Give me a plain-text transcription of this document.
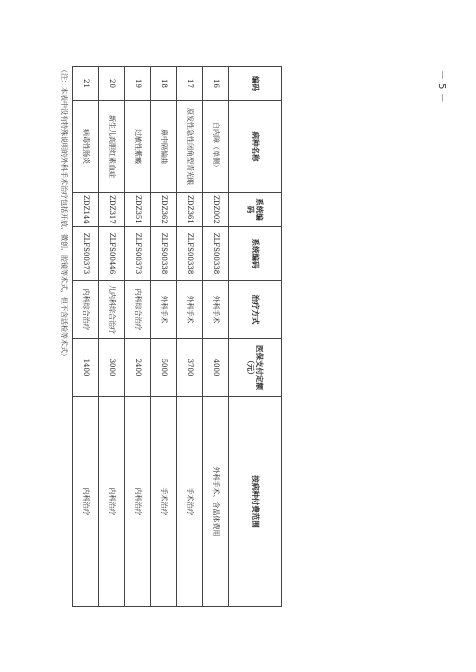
－ 5 －
编码	病种名称	系统编码	系统编码	治疗方式	医保支付定额（元）	按病种付费范围
16	白内障（单侧）	ZDZ002	ZLFS00338	外科手术	4000	外科手术、含晶体费用
17	原发性急性闭角型青光眼	ZDZ361	ZLFS00338	外科手术	3700	手术治疗
18	鼻中隔偏曲	ZDZ362	ZLFS00338	外科手术	5000	手术治疗
19	过敏性紫癜	ZDZ351	ZLFS00373	内科综合治疗	2400	内科治疗
20	新生儿高胆红素血症	ZDZ317	ZLFS00446	儿内科综合治疗	3000	内科治疗
21	病毒性肠炎	ZDZ144	ZLFS00373	内科综合治疗	1400	内科治疗
（注：本表中没有特殊说明的外科手术治疗包括开放、微创、腔镜等术式，但不含活检等术式）
